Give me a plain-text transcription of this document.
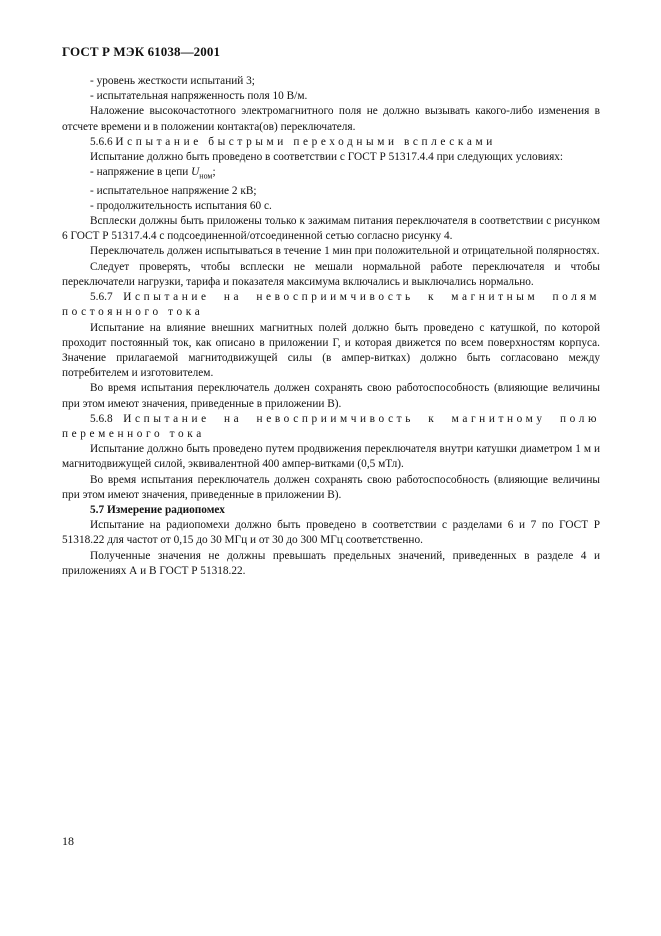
ГОСТ Р МЭК 61038—2001

- уровень жесткости испытаний 3;

- испытательная напряженность поля 10 В/м.

Наложение высокочастотного электромагнитного поля не должно вызывать какого-либо изменения в отсчете времени и в положении контакта(ов) переключателя.

5.6.6 Испытание быстрыми переходными всплесками

Испытание должно быть проведено в соответствии с ГОСТ Р 51317.4.4 при следующих условиях:

- напряжение в цепи $U_{ном}$;

- испытательное напряжение 2 кВ;

- продолжительность испытания 60 с.

Всплески должны быть приложены только к зажимам питания переключателя в соответствии с рисунком 6 ГОСТ Р 51317.4.4 с подсоединенной/отсоединенной сетью согласно рисунку 4.

Переключатель должен испытываться в течение 1 мин при положительной и отрицательной полярностях.

Следует проверять, чтобы всплески не мешали нормальной работе переключателя и чтобы переключатели нагрузки, тарифа и показателя максимума включались и выключались нормально.

5.6.7 Испытание на невосприимчивость к магнитным полям постоянного тока

Испытание на влияние внешних магнитных полей должно быть проведено с катушкой, по которой проходит постоянный ток, как описано в приложении Г, и которая движется по всем поверхностям корпуса. Значение прилагаемой магнитодвижущей силы (в ампер-витках) должно быть согласовано между потребителем и изготовителем.

Во время испытания переключатель должен сохранять свою работоспособность (влияющие величины при этом имеют значения, приведенные в приложении В).

5.6.8 Испытание на невосприимчивость к магнитному полю переменного тока

Испытание должно быть проведено путем продвижения переключателя внутри катушки диаметром 1 м и магнитодвижущей силой, эквивалентной 400 ампер-витками (0,5 мТл).

Во время испытания переключатель должен сохранять свою работоспособность (влияющие величины при этом имеют значения, приведенные в приложении В).

5.7 Измерение радиопомех

Испытание на радиопомехи должно быть проведено в соответствии с разделами 6 и 7 по ГОСТ Р 51318.22 для частот от 0,15 до 30 МГц и от 30 до 300 МГц соответственно.

Полученные значения не должны превышать предельных значений, приведенных в разделе 4 и приложениях А и В ГОСТ Р 51318.22.

18
